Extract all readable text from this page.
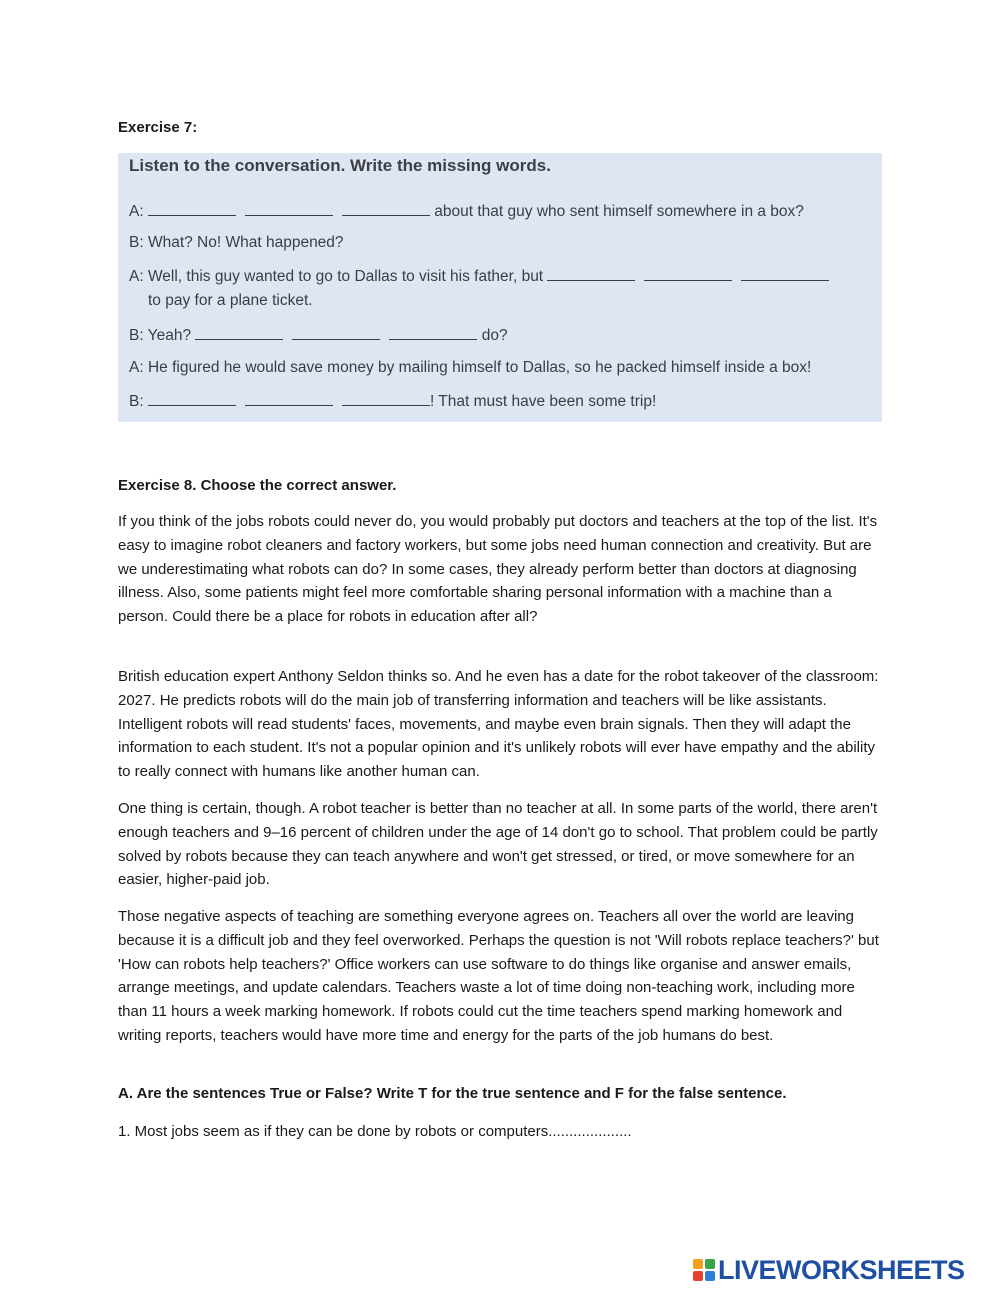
Exercise 7:
Listen to the conversation. Write the missing words.
A:	about that guy who sent himself somewhere in a box?
B: What? No! What happened?
A: Well, this guy wanted to go to Dallas to visit his father, but
to pay for a plane ticket.
B: Yeah?	do?
A: He figured he would save money by mailing himself to Dallas, so he packed himself inside a box!
B:	! That must have been some trip!
Exercise 8. Choose the correct answer.

If you think of the jobs robots could never do, you would probably put doctors and teachers at the top of the list. It's easy to imagine robot cleaners and factory workers, but some jobs need human connection and creativity. But are we underestimating what robots can do? In some cases, they already perform better than doctors at diagnosing illness. Also, some patients might feel more comfortable sharing personal information with a machine than a person. Could there be a place for robots in education after all?

British education expert Anthony Seldon thinks so. And he even has a date for the robot takeover of the classroom: 2027. He predicts robots will do the main job of transferring information and teachers will be like assistants. Intelligent robots will read students' faces, movements, and maybe even brain signals. Then they will adapt the information to each student. It's not a popular opinion and it's unlikely robots will ever have empathy and the ability to really connect with humans like another human can.

One thing is certain, though. A robot teacher is better than no teacher at all. In some parts of the world, there aren't enough teachers and 9–16 percent of children under the age of 14 don't go to school. That problem could be partly solved by robots because they can teach anywhere and won't get stressed, or tired, or move somewhere for an easier, higher-paid job.

Those negative aspects of teaching are something everyone agrees on. Teachers all over the world are leaving because it is a difficult job and they feel overworked. Perhaps the question is not 'Will robots replace teachers?' but 'How can robots help teachers?' Office workers can use software to do things like organise and answer emails, arrange meetings, and update calendars. Teachers waste a lot of time doing non-teaching work, including more than 11 hours a week marking homework. If robots could cut the time teachers spend marking homework and writing reports, teachers would have more time and energy for the parts of the job humans do best.

A. Are the sentences True or False? Write T for the true sentence and F for the false sentence.
1. Most jobs seem as if they can be done by robots or computers....................
LIVEWORKSHEETS
